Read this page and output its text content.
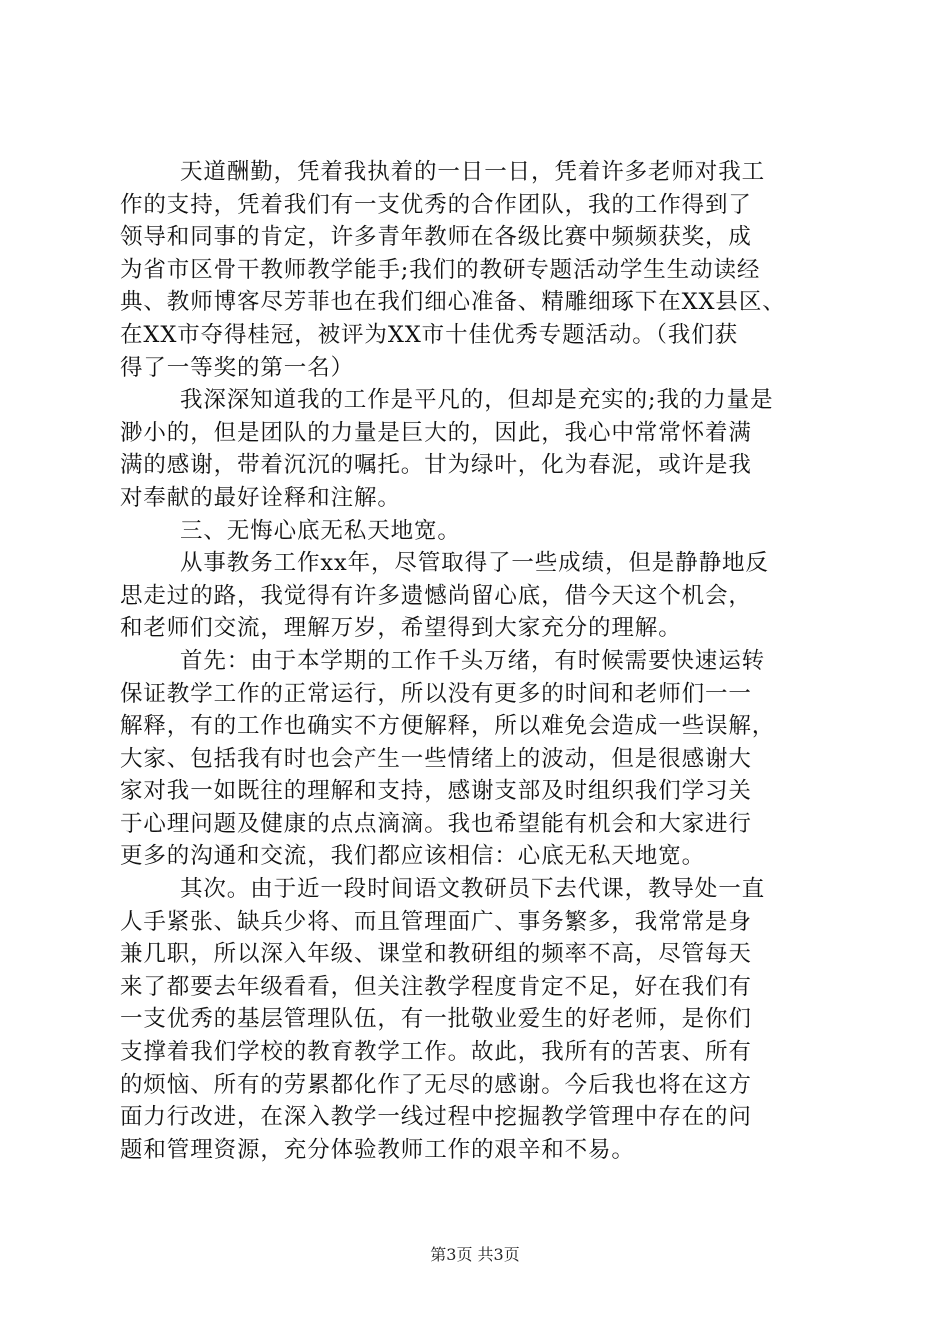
天道酬勤，凭着我执着的一日一日，凭着许多老师对我工
作的支持，凭着我们有一支优秀的合作团队，我的工作得到了
领导和同事的肯定，许多青年教师在各级比赛中频频获奖，成
为省市区骨干教师教学能手;我们的教研专题活动学生生动读经
典、教师博客尽芳菲也在我们细心准备、精雕细琢下在XX县区、
在XX市夺得桂冠，被评为XX市十佳优秀专题活动。（我们获
得了一等奖的第一名）
我深深知道我的工作是平凡的，但却是充实的;我的力量是
渺小的，但是团队的力量是巨大的，因此，我心中常常怀着满
满的感谢，带着沉沉的嘱托。甘为绿叶，化为春泥，或许是我
对奉献的最好诠释和注解。
三、无悔心底无私天地宽。
从事教务工作xx年，尽管取得了一些成绩，但是静静地反
思走过的路，我觉得有许多遗憾尚留心底，借今天这个机会，
和老师们交流，理解万岁，希望得到大家充分的理解。
首先：由于本学期的工作千头万绪，有时候需要快速运转
保证教学工作的正常运行，所以没有更多的时间和老师们一一
解释，有的工作也确实不方便解释，所以难免会造成一些误解，
大家、包括我有时也会产生一些情绪上的波动，但是很感谢大
家对我一如既往的理解和支持，感谢支部及时组织我们学习关
于心理问题及健康的点点滴滴。我也希望能有机会和大家进行
更多的沟通和交流，我们都应该相信：心底无私天地宽。
其次。由于近一段时间语文教研员下去代课，教导处一直
人手紧张、缺兵少将、而且管理面广、事务繁多，我常常是身
兼几职，所以深入年级、课堂和教研组的频率不高，尽管每天
来了都要去年级看看，但关注教学程度肯定不足，好在我们有
一支优秀的基层管理队伍，有一批敬业爱生的好老师，是你们
支撑着我们学校的教育教学工作。故此，我所有的苦衷、所有
的烦恼、所有的劳累都化作了无尽的感谢。今后我也将在这方
面力行改进，在深入教学一线过程中挖掘教学管理中存在的问
题和管理资源，充分体验教师工作的艰辛和不易。
第3页 共3页
